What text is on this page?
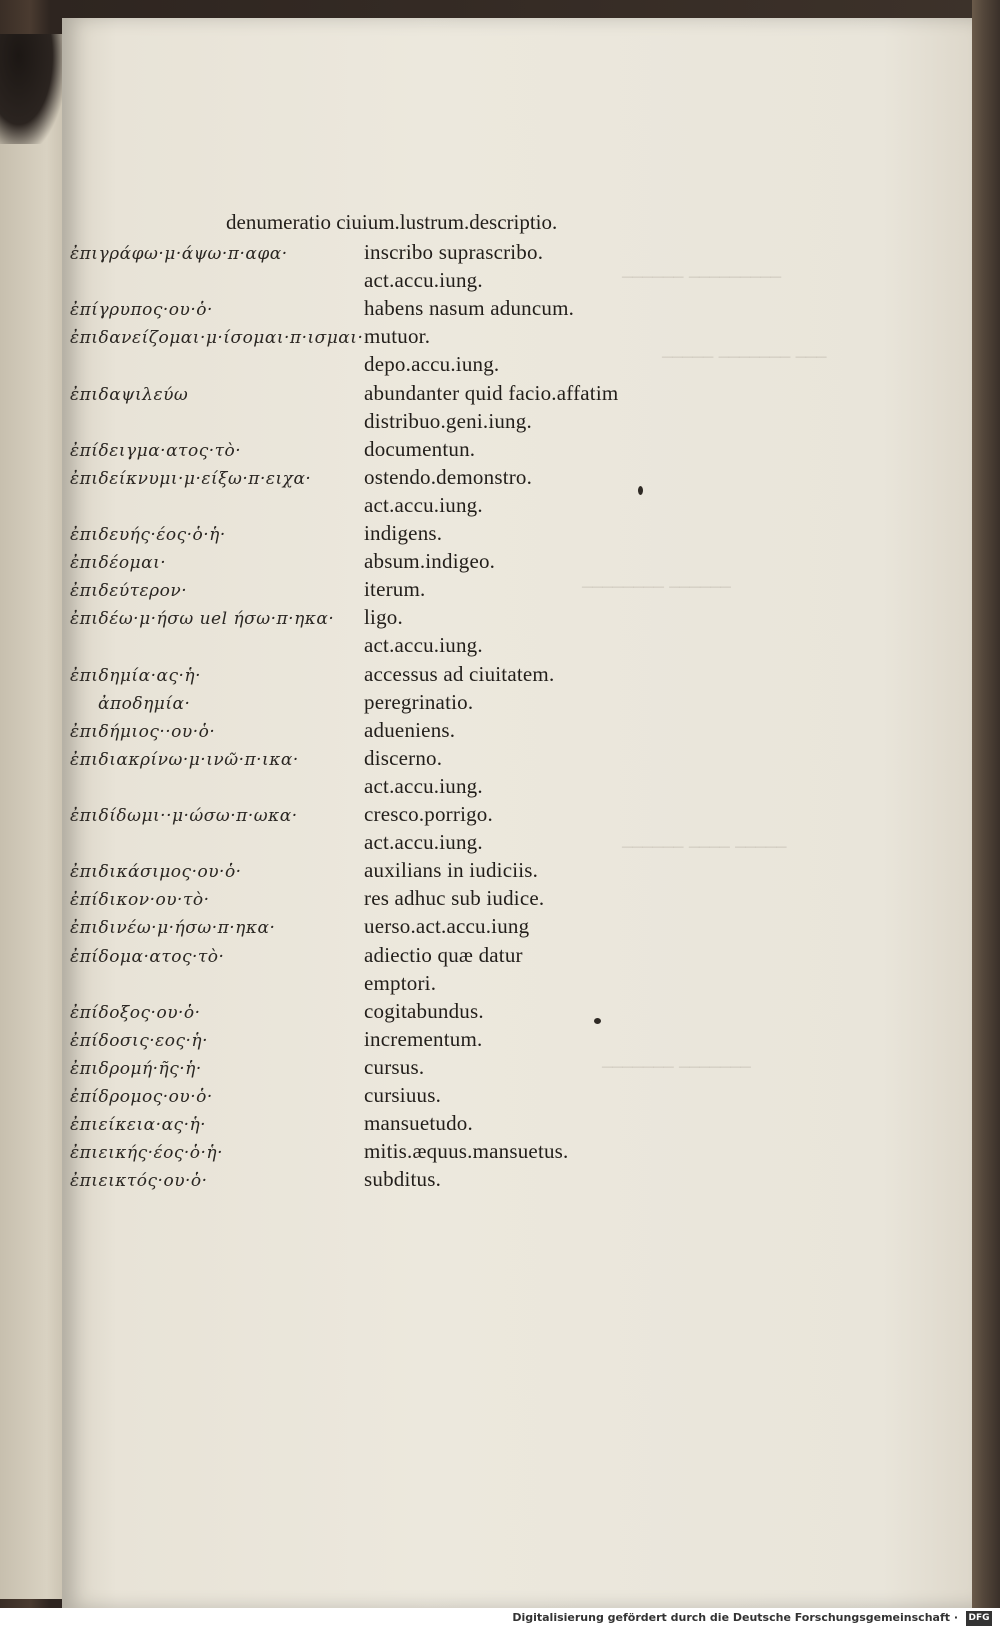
────── ─────────
───── ─────── ───
──────── ──────
────── ──── ─────
─────── ───────
denumeratio ciuium.lustrum.descriptio.
ἐπιγράφω·μ·άψω·π·αφα·	inscribo suprascribo.
act.accu.iung.
ἐπίγρυπος·ου·ὁ·	habens nasum aduncum.
ἐπιδανείζομαι·μ·ίσομαι·π·ισμαι· mutuor.
depo.accu.iung.
ἐπιδαψιλεύω	abundanter quid facio.affatim
distribuo.geni.iung.
ἐπίδειγμα·ατος·τὸ·	documentun.
ἐπιδείκνυμι·μ·είξω·π·ειχα·	ostendo.demonstro.
act.accu.iung.
ἐπιδευής·έος·ὁ·ἡ·	indigens.
ἐπιδέομαι·	absum.indigeo.
ἐπιδεύτερον·	iterum.
ἐπιδέω·μ·ήσω uel ήσω·π·ηκα· ligo.
act.accu.iung.
ἐπιδημία·ας·ἡ·	accessus ad ciuitatem.
ἀποδημία·	peregrinatio.
ἐπιδήμιος··ου·ὁ·	adueniens.
ἐπιδιακρίνω·μ·ινῶ·π·ικα·	discerno.
act.accu.iung.
ἐπιδίδωμι··μ·ώσω·π·ωκα·	cresco.porrigo.
act.accu.iung.
ἐπιδικάσιμος·ου·ὁ·	auxilians in iudiciis.
ἐπίδικον·ου·τὸ·	res adhuc sub iudice.
ἐπιδινέω·μ·ήσω·π·ηκα·	uerso.act.accu.iung
ἐπίδομα·ατος·τὸ·	adiectio quæ datur
emptori.
ἐπίδοξος·ου·ὁ·	cogitabundus.
ἐπίδοσις·εος·ἡ·	incrementum.
ἐπιδρομή·ῆς·ἡ·	cursus.
ἐπίδρομος·ου·ὁ·	cursiuus.
ἐπιείκεια·ας·ἡ·	mansuetudo.
ἐπιεικής·έος·ὁ·ἡ·	mitis.æquus.mansuetus.
ἐπιεικτός·ου·ὁ·	subditus.
Digitalisierung gefördert durch die Deutsche Forschungsgemeinschaft · DFG
